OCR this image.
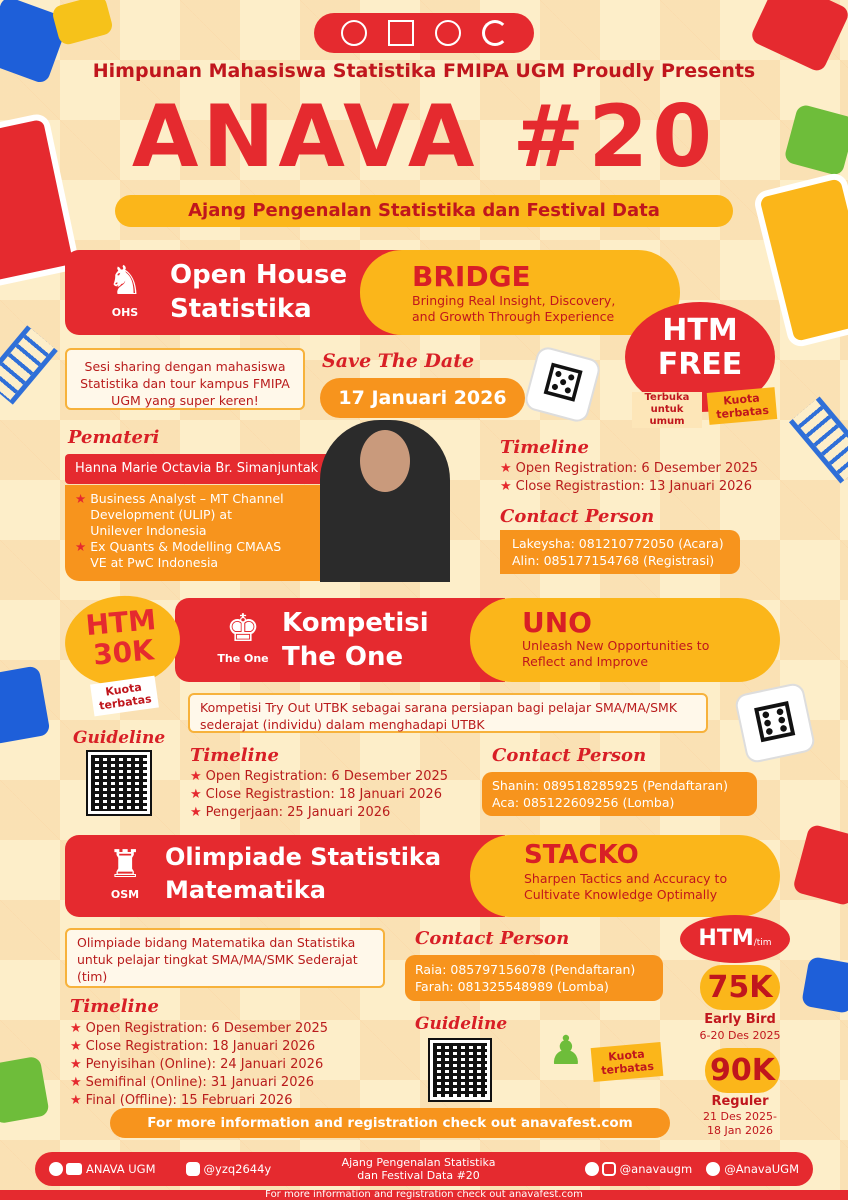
Himpunan Mahasiswa Statistika FMIPA UGM Proudly Presents
ANAVA #20
Ajang Pengenalan Statistika dan Festival Data
♞
OHS
Open House
Statistika
BRIDGE
Bringing Real Insight, Discovery,
and Growth Through Experience	HTM
FREE
Terbuka untuk umum
Kuota terbatas
Sesi sharing dengan mahasiswa Statistika dan tour kampus FMIPA UGM yang super keren!
Save The Date
17 Januari 2026 ⚄
Pemateri
Hanna Marie Octavia Br. Simanjuntak
★ Business Analyst – MT Channel Development (ULIP) at Unilever Indonesia
★ Ex Quants & Modelling CMAAS VE at PwC Indonesia
Timeline
★ Open Registration: 6 Desember 2025
★ Close Registrastion: 13 Januari 2026
Contact Person
Lakeysha: 081210772050 (Acara)
Alin: 085177154768 (Registrasi)
♚
The One
Kompetisi
The One
UNO
Unleash New Opportunities to
Reflect and Improve
HTM
30K
Kuota terbatas	Kompetisi Try Out UTBK sebagai sarana persiapan bagi pelajar SMA/MA/SMK sederajat (individu) dalam menghadapi UTBK	⚅
Guideline
Timeline
★ Open Registration: 6 Desember 2025
★ Close Registrastion: 18 Januari 2026
★ Pengerjaan: 25 Januari 2026
Contact Person
Shanin: 089518285925 (Pendaftaran)
Aca: 085122609256 (Lomba)
♜
OSM
Olimpiade Statistika
Matematika
STACKO
Sharpen Tactics and Accuracy to
Cultivate Knowledge Optimally
Olimpiade bidang Matematika dan Statistika untuk pelajar tingkat SMA/MA/SMK Sederajat (tim)
Timeline
★ Open Registration: 6 Desember 2025
★ Close Registration: 18 Januari 2026
★ Penyisihan (Online): 24 Januari 2026
★ Semifinal (Online): 31 Januari 2026
★ Final (Offline): 15 Februari 2026
Contact Person
Raia: 085797156078 (Pendaftaran)
Farah: 081325548989 (Lomba)
Guideline
♟	Kuota terbatas
HTM/tim
75K
Early Bird
6-20 Des 2025
90K
Reguler
21 Des 2025-
18 Jan 2026
For more information and registration check out anavafest.com
ANAVA UGM	@yzq2644y	Ajang Pengenalan Statistika
dan Festival Data #20	@anavaugm	@AnavaUGM
For more information and registration check out anavafest.com
